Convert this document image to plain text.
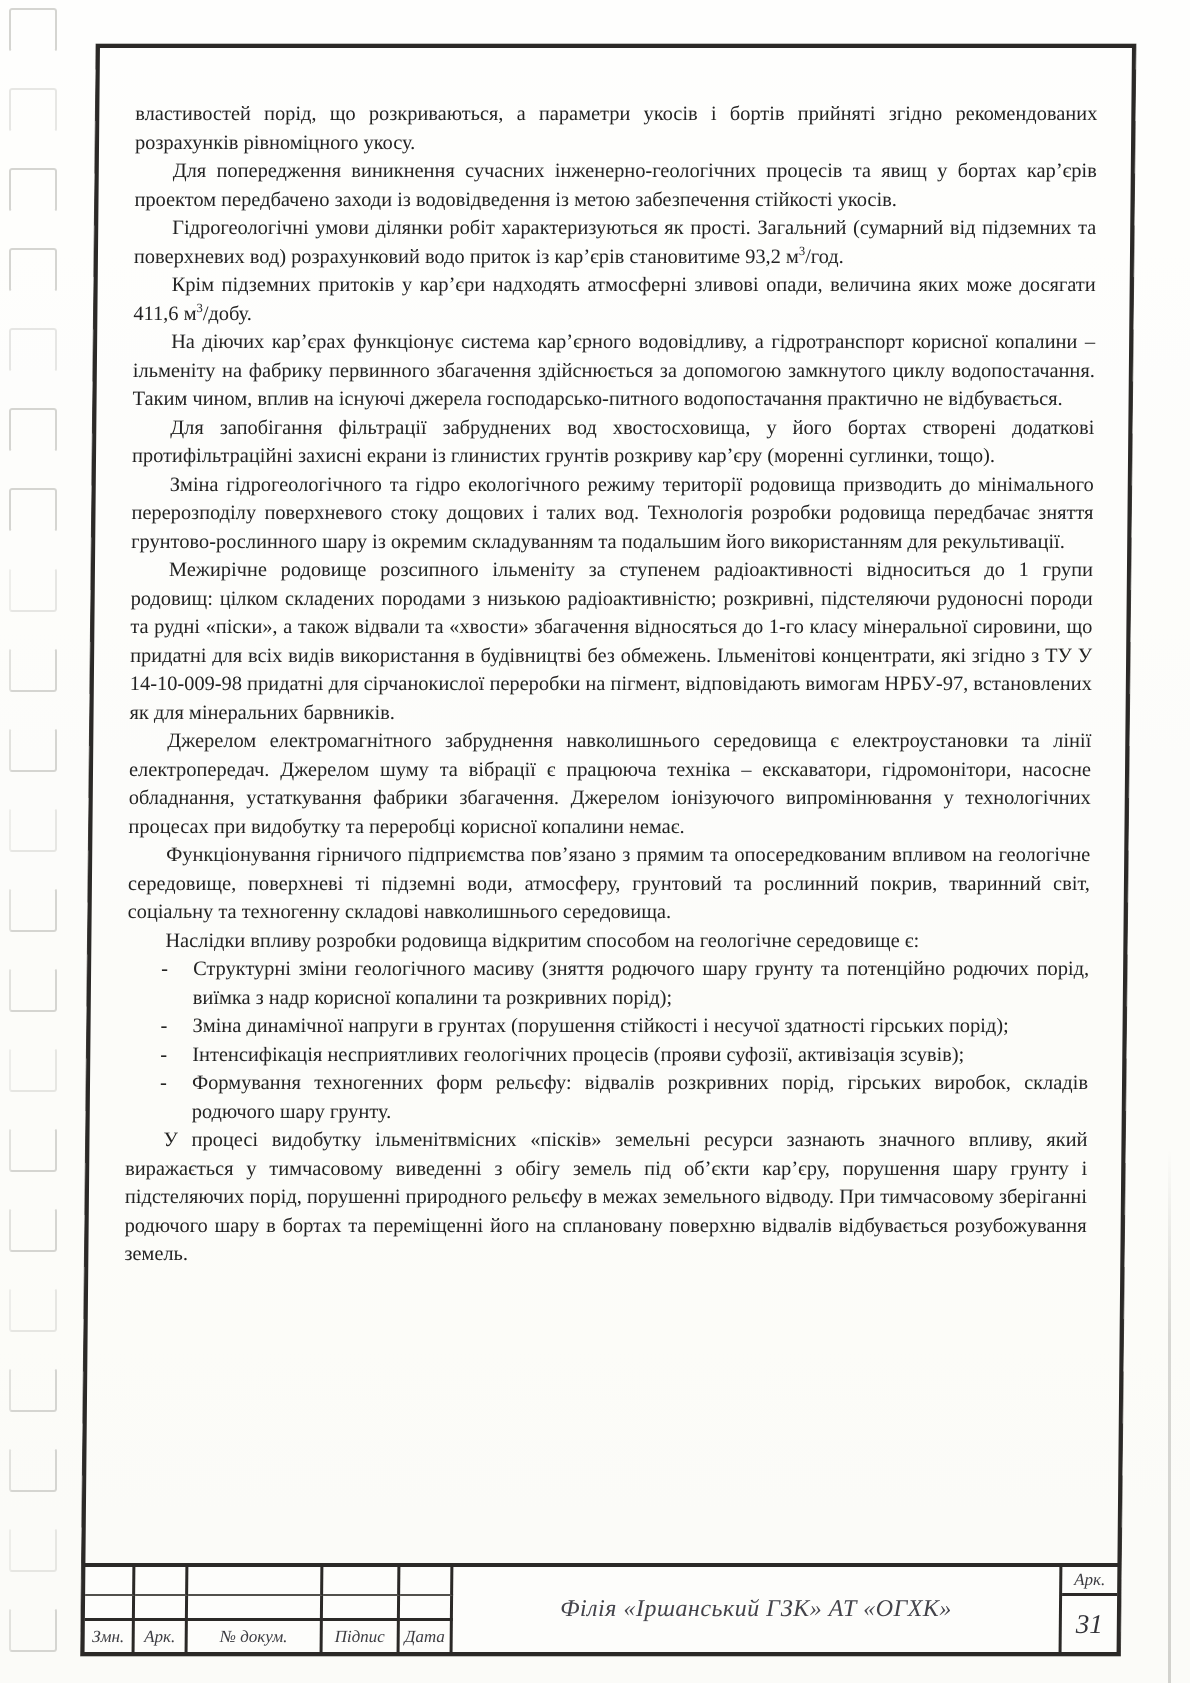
властивостей порід, що розкриваються, а параметри укосів і бортів прийняті згідно рекомендованих розрахунків рівноміцного укосу.

Для попередження виникнення сучасних інженерно-геологічних процесів та явищ у бортах кар’єрів проектом передбачено заходи із водовідведення із метою забезпечення стійкості укосів.

Гідрогеологічні умови ділянки робіт характеризуються як прості. Загальний (сумарний від підземних та поверхневих вод) розрахунковий водо приток із кар’єрів становитиме 93,2 $м^3$/год.

Крім підземних притоків у кар’єри надходять атмосферні зливові опади, величина яких може досягати 411,6 $м^3$/добу.

На діючих кар’єрах функціонує система кар’єрного водовідливу, а гідротранспорт корисної копалини – ільменіту на фабрику первинного збагачення здійснюється за допомогою замкнутого циклу водопостачання. Таким чином, вплив на існуючі джерела господарсько-питного водопостачання практично не відбувається.

Для запобігання фільтрації забруднених вод хвостосховища, у його бортах створені додаткові протифільтраційні захисні екрани із глинистих грунтів розкриву кар’єру (моренні суглинки, тощо).

Зміна гідрогеологічного та гідро екологічного режиму території родовища призводить до мінімального перерозподілу поверхневого стоку дощових і талих вод. Технологія розробки родовища передбачає зняття грунтово-рослинного шару із окремим складуванням та подальшим його використанням для рекультивації.

Межирічне родовище розсипного ільменіту за ступенем радіоактивності відноситься до 1 групи родовищ: цілком складених породами з низькою радіоактивністю; розкривні, підстеляючи рудоносні породи та рудні «піски», а також відвали та «хвости» збагачення відносяться до 1-го класу мінеральної сировини, що придатні для всіх видів використання в будівництві без обмежень. Ільменітові концентрати, які згідно з ТУ У 14-10-009-98 придатні для сірчанокислої переробки на пігмент, відповідають вимогам НРБУ-97, встановлених як для мінеральних барвників.

Джерелом електромагнітного забруднення навколишнього середовища є електроустановки та лінії електропередач. Джерелом шуму та вібрації є працююча техніка – екскаватори, гідромонітори, насосне обладнання, устаткування фабрики збагачення. Джерелом іонізуючого випромінювання у технологічних процесах при видобутку та переробці корисної копалини немає.

Функціонування гірничого підприємства пов’язано з прямим та опосередкованим впливом на геологічне середовище, поверхневі ті підземні води, атмосферу, грунтовий та рослинний покрив, тваринний світ, соціальну та техногенну складові навколишнього середовища.

Наслідки впливу розробки родовища відкритим способом на геологічне середовище є:

- Структурні зміни геологічного масиву (зняття родючого шару грунту та потенційно родючих порід, виїмка з надр корисної копалини та розкривних порід);
- Зміна динамічної напруги в грунтах (порушення стійкості і несучої здатності гірських порід);
- Інтенсифікація несприятливих геологічних процесів (прояви суфозії, активізація зсувів);
- Формування техногенних форм рельєфу: відвалів розкривних порід, гірських виробок, складів родючого шару грунту.

У процесі видобутку ільменітвмісних «пісків» земельні ресурси зазнають значного впливу, який виражається у тимчасовому виведенні з обігу земель під об’єкти кар’єру, порушення шару грунту і підстеляючих порід, порушенні природного рельєфу в межах земельного відводу. При тимчасовому зберіганні родючого шару в бортах та переміщенні його на сплановану поверхню відвалів відбувається розубожування земель.

Змн.	Арк.	№ докум.	Підпис	Дата
Філія «Іршанський ГЗК» АТ «ОГХК»
Арк.
31
